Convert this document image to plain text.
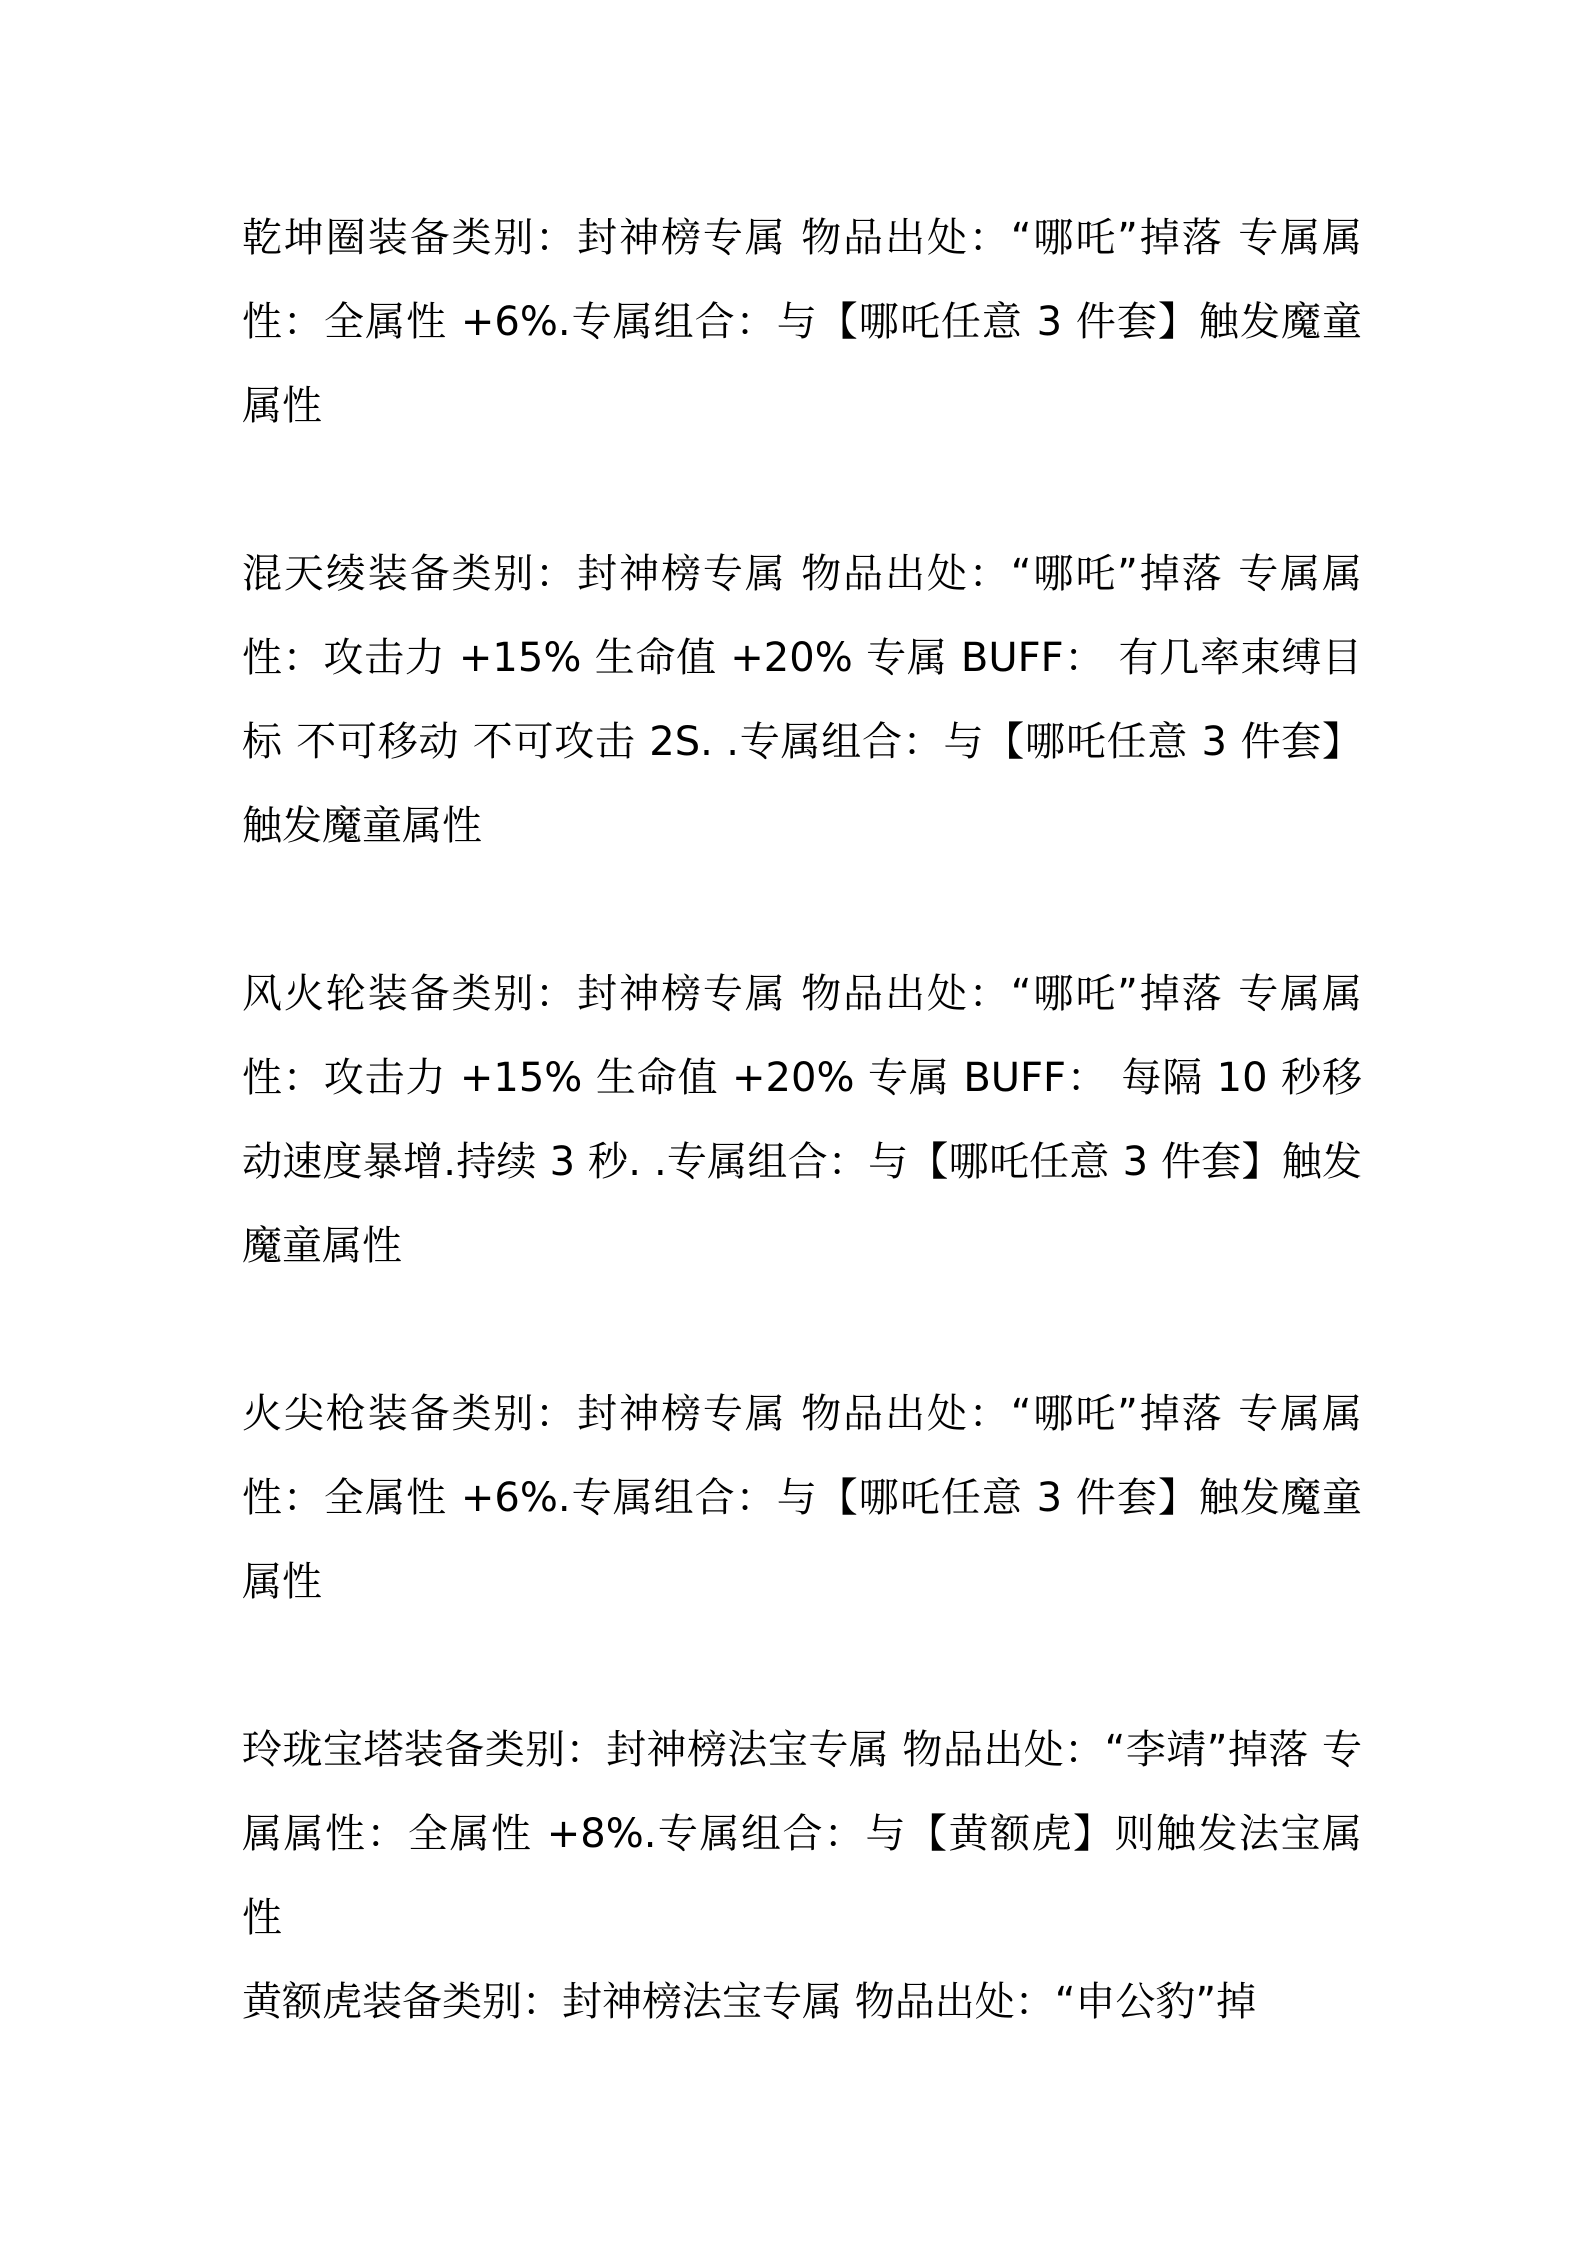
乾坤圈装备类别：封神榜专属 物品出处：“哪吒”掉落 专属属性：全属性 +6%.专属组合：与【哪吒任意 3 件套】触发魔童属性

混天绫装备类别：封神榜专属 物品出处：“哪吒”掉落 专属属性：攻击力 +15% 生命值 +20% 专属 BUFF： 有几率束缚目标 不可移动 不可攻击 2S. .专属组合：与【哪吒任意 3 件套】触发魔童属性

风火轮装备类别：封神榜专属 物品出处：“哪吒”掉落 专属属性：攻击力 +15% 生命值 +20% 专属 BUFF： 每隔 10 秒移动速度暴增.持续 3 秒. .专属组合：与【哪吒任意 3 件套】触发魔童属性

火尖枪装备类别：封神榜专属 物品出处：“哪吒”掉落 专属属性：全属性 +6%.专属组合：与【哪吒任意 3 件套】触发魔童属性

玲珑宝塔装备类别：封神榜法宝专属 物品出处：“李靖”掉落 专属属性：全属性 +8%.专属组合：与【黄额虎】则触发法宝属性

黄额虎装备类别：封神榜法宝专属 物品出处：“申公豹”掉
